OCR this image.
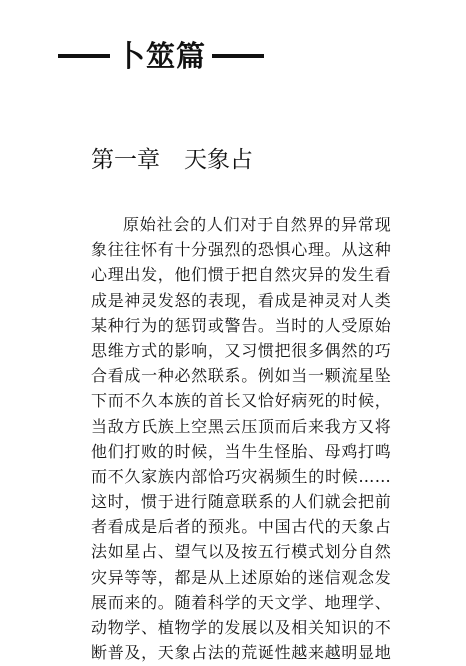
卜筮篇
第一章 天象占
原始社会的人们对于自然界的异常现
象往往怀有十分强烈的恐惧心理。从这种
心理出发，他们惯于把自然灾异的发生看
成是神灵发怒的表现，看成是神灵对人类
某种行为的惩罚或警告。当时的人受原始
思维方式的影响，又习惯把很多偶然的巧
合看成一种必然联系。例如当一颗流星坠
下而不久本族的首长又恰好病死的时候，
当敌方氏族上空黑云压顶而后来我方又将
他们打败的时候，当牛生怪胎、母鸡打鸣
而不久家族内部恰巧灾祸频生的时候……
这时，惯于进行随意联系的人们就会把前
者看成是后者的预兆。中国古代的天象占
法如星占、望气以及按五行模式划分自然
灾异等等，都是从上述原始的迷信观念发
展而来的。随着科学的天文学、地理学、
动物学、植物学的发展以及相关知识的不
断普及，天象占法的荒诞性越来越明显地
